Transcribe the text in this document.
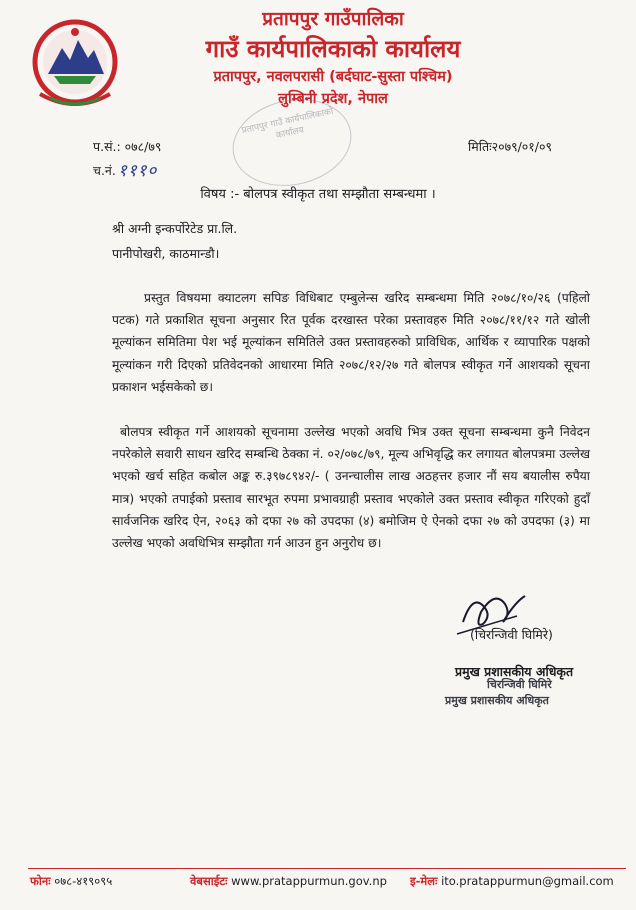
प्रतापपुर गाउँपालिका
गाउँ कार्यपालिकाको कार्यालय
प्रतापपुर, नवलपरासी (बर्दघाट-सुस्ता पश्चिम)
लुम्बिनी प्रदेश, नेपाल
प्रतापपुर गाउँ कार्यपालिकाको कार्यालय
प.सं.: ०७८/७९
च.नं. १११०
मितिः२०७९/०१/०९
विषय :- बोलपत्र स्वीकृत तथा सम्झौता सम्बन्धमा ।
श्री अग्नी इन्कर्पोरेटेड प्रा.लि.
पानीपोखरी, काठमान्डौ।
प्रस्तुत विषयमा क्याटलग सपिङ विधिबाट एम्बुलेन्स खरिद सम्बन्धमा मिति २०७८/१०/२६ (पहिलो पटक) गते प्रकाशित सूचना अनुसार रित पूर्वक दरखास्त परेका प्रस्तावहरु मिति २०७८/११/१२ गते खोली मूल्यांकन समितिमा पेश भई मूल्यांकन समितिले उक्त प्रस्तावहरुको प्राविधिक, आर्थिक र व्यापारिक पक्षको मूल्यांकन गरी दिएको प्रतिवेदनको आधारमा मिति २०७८/१२/२७ गते बोलपत्र स्वीकृत गर्ने आशयको सूचना प्रकाशन भईसकेको छ।
बोलपत्र स्वीकृत गर्ने आशयको सूचनामा उल्लेख भएको अवधि भित्र उक्त सूचना सम्बन्धमा कुनै निवेदन नपरेकोले सवारी साधन खरिद सम्बन्धि ठेक्का नं. ०२/०७८/७९, मूल्य अभिवृद्धि कर लगायत बोलपत्रमा उल्लेख भएको खर्च सहित कबोल अङ्क रु.३९७८९४२/- ( उनन्चालीस लाख अठहत्तर हजार नौं सय बयालीस रुपैया मात्र) भएको तपाईको प्रस्ताव सारभूत रुपमा प्रभावग्राही प्रस्ताव भएकोले उक्त प्रस्ताव स्वीकृत गरिएको हुदाँ सार्वजनिक खरिद ऐन, २०६३ को दफा २७ को उपदफा (४) बमोजिम ऐ ऐनको दफा २७ को उपदफा (३) मा उल्लेख भएको अवधिभित्र सम्झौता गर्न आउन हुन अनुरोध छ।
(चिरन्जिवी घिमिरे)
प्रमुख प्रशासकीय अधिकृत
चिरन्जिवी घिमिरे
प्रमुख प्रशासकीय अधिकृत
फोनः ०७८-४१९०९५	वेबसाईटः www.pratappurmun.gov.np इ-मेलः ito.pratappurmun@gmail.com
